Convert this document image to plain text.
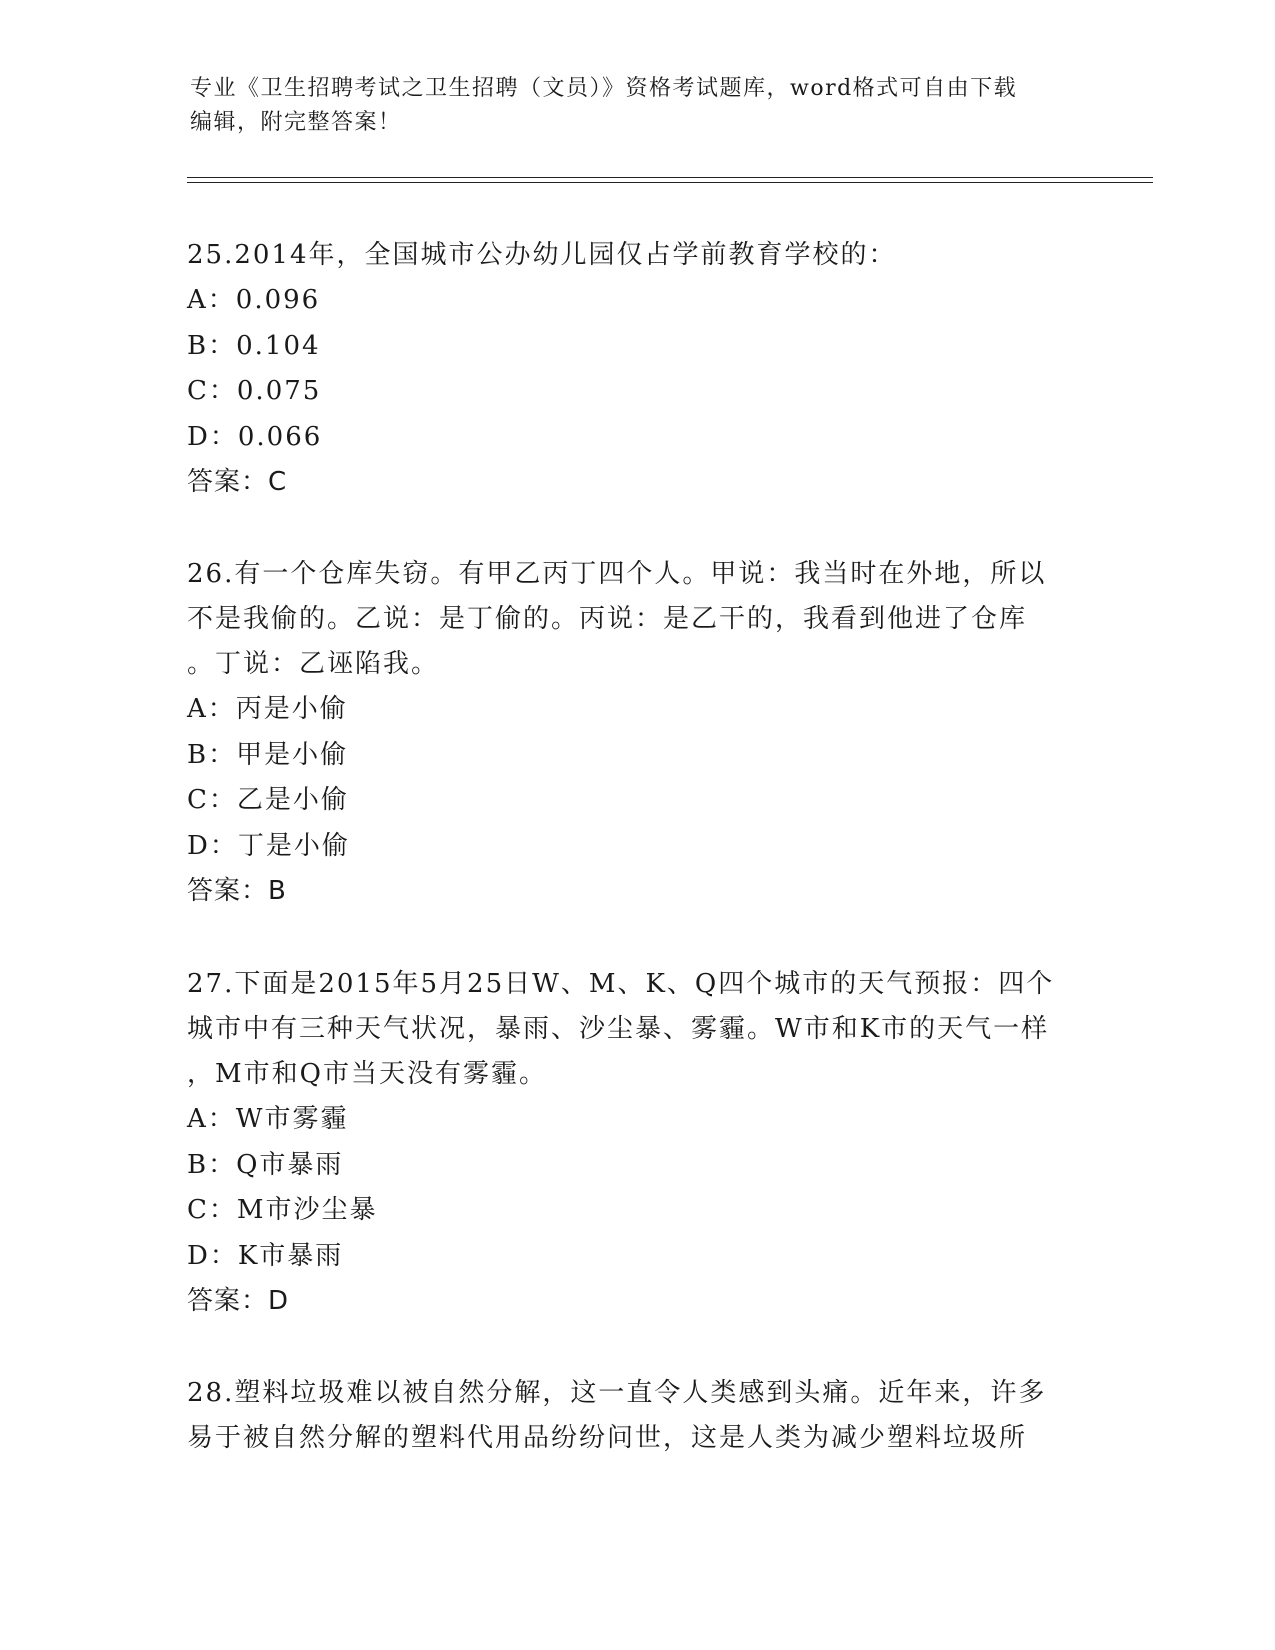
专业《卫生招聘考试之卫生招聘（文员）》资格考试题库，word格式可自由下载
编辑，附完整答案！

25.2014年，全国城市公办幼儿园仅占学前教育学校的：

A：0.096

B：0.104

C：0.075

D：0.066

答案：C

26.有一个仓库失窃。有甲乙丙丁四个人。甲说：我当时在外地，所以

不是我偷的。乙说：是丁偷的。丙说：是乙干的，我看到他进了仓库

。丁说：乙诬陷我。

A：丙是小偷

B：甲是小偷

C：乙是小偷

D：丁是小偷

答案：B

27.下面是2015年5月25日W、M、K、Q四个城市的天气预报：四个

城市中有三种天气状况，暴雨、沙尘暴、雾霾。W市和K市的天气一样

，M市和Q市当天没有雾霾。

A：W市雾霾

B：Q市暴雨

C：M市沙尘暴

D：K市暴雨

答案：D

28.塑料垃圾难以被自然分解，这一直令人类感到头痛。近年来，许多

易于被自然分解的塑料代用品纷纷问世，这是人类为减少塑料垃圾所
